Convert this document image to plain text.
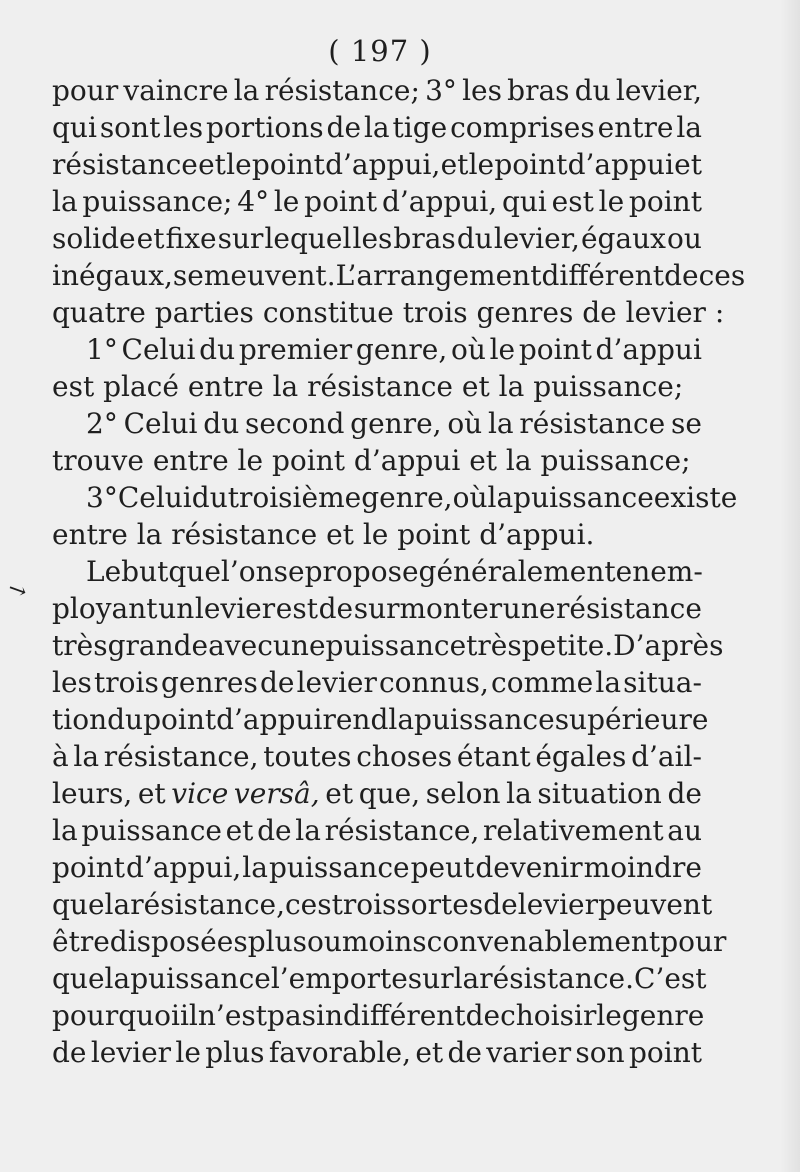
( 197 )
→
pour vaincre la résistance; 3° les bras du levier,
qui sont les portions de la tige comprises entre la
résistance et le point d’appui, et le point d’appui et
la puissance; 4° le point d’appui, qui est le point
solide et fixe sur lequel les bras du levier, égaux ou
inégaux, se meuvent. L’arrangement différent de ces
quatre
parties
constitue
trois
genres
de
levier
:
1° Celui du premier genre, où le point d’appui
est
placé
entre
la
résistance
et
la
puissance;
2° Celui du second genre, où la résistance se
trouve
entre
le
point
d’appui
et
la
puissance;
3° Celui du troisième genre, où la puissance existe
entre
la
résistance
et
le
point
d’appui.
Le but que l’on se propose généralement en em-
ployant un levier est de surmonter une résistance
très grande avec une puissance très petite. D’après
les trois genres de levier connus, comme la situa-
tion du point d’appui rend la puissance supérieure
à la résistance, toutes choses étant égales d’ail-
leurs, et vice versâ, et que, selon la situation de
la puissance et de la résistance, relativement au
point d’appui, la puissance peut devenir moindre
que la résistance, ces trois sortes de levier peuvent
être disposées plus ou moins convenablement pour
que la puissance l’emporte sur la résistance. C’est
pourquoi il n’est pas indifférent de choisir le genre
de levier le plus favorable, et de varier son point
